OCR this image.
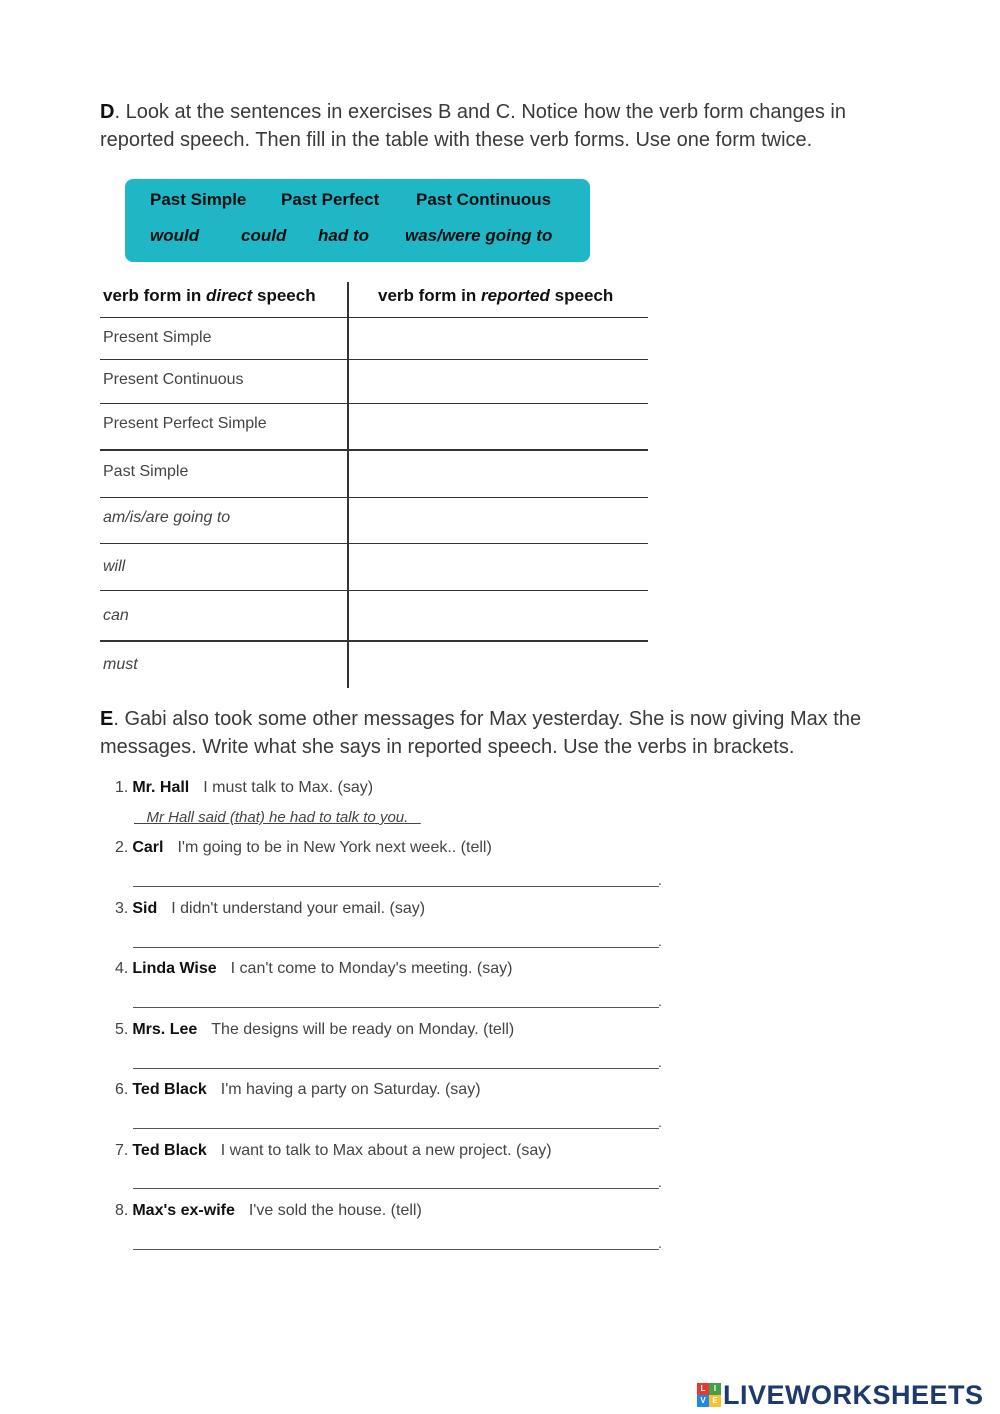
D. Look at the sentences in exercises B and C. Notice how the verb form changes in reported speech. Then fill in the table with these verb forms. Use one form twice.

Past Simple Past Perfect Past Continuous
would could had to was/were going to
verb form in direct speech	verb form in reported speech
Present Simple
Present Continuous
Present Perfect Simple
Past Simple
am/is/are going to
will
can
must

E. Gabi also took some other messages for Max yesterday. She is now giving Max the messages. Write what she says in reported speech. Use the verbs in brackets.

1. Mr. Hall I must talk to Max. (say)
Mr Hall said (that) he had to talk to you.
2. Carl I'm going to be in New York next week.. (tell)
.
3. Sid I didn't understand your email. (say)
.
4. Linda Wise I can't come to Monday's meeting. (say)
.
5. Mrs. Lee The designs will be ready on Monday. (tell)
.
6. Ted Black I'm having a party on Saturday. (say)
.
7. Ted Black I want to talk to Max about a new project. (say)
.
8. Max's ex-wife I've sold the house. (tell)
.
L	I
V E LIVEWORKSHEETS
